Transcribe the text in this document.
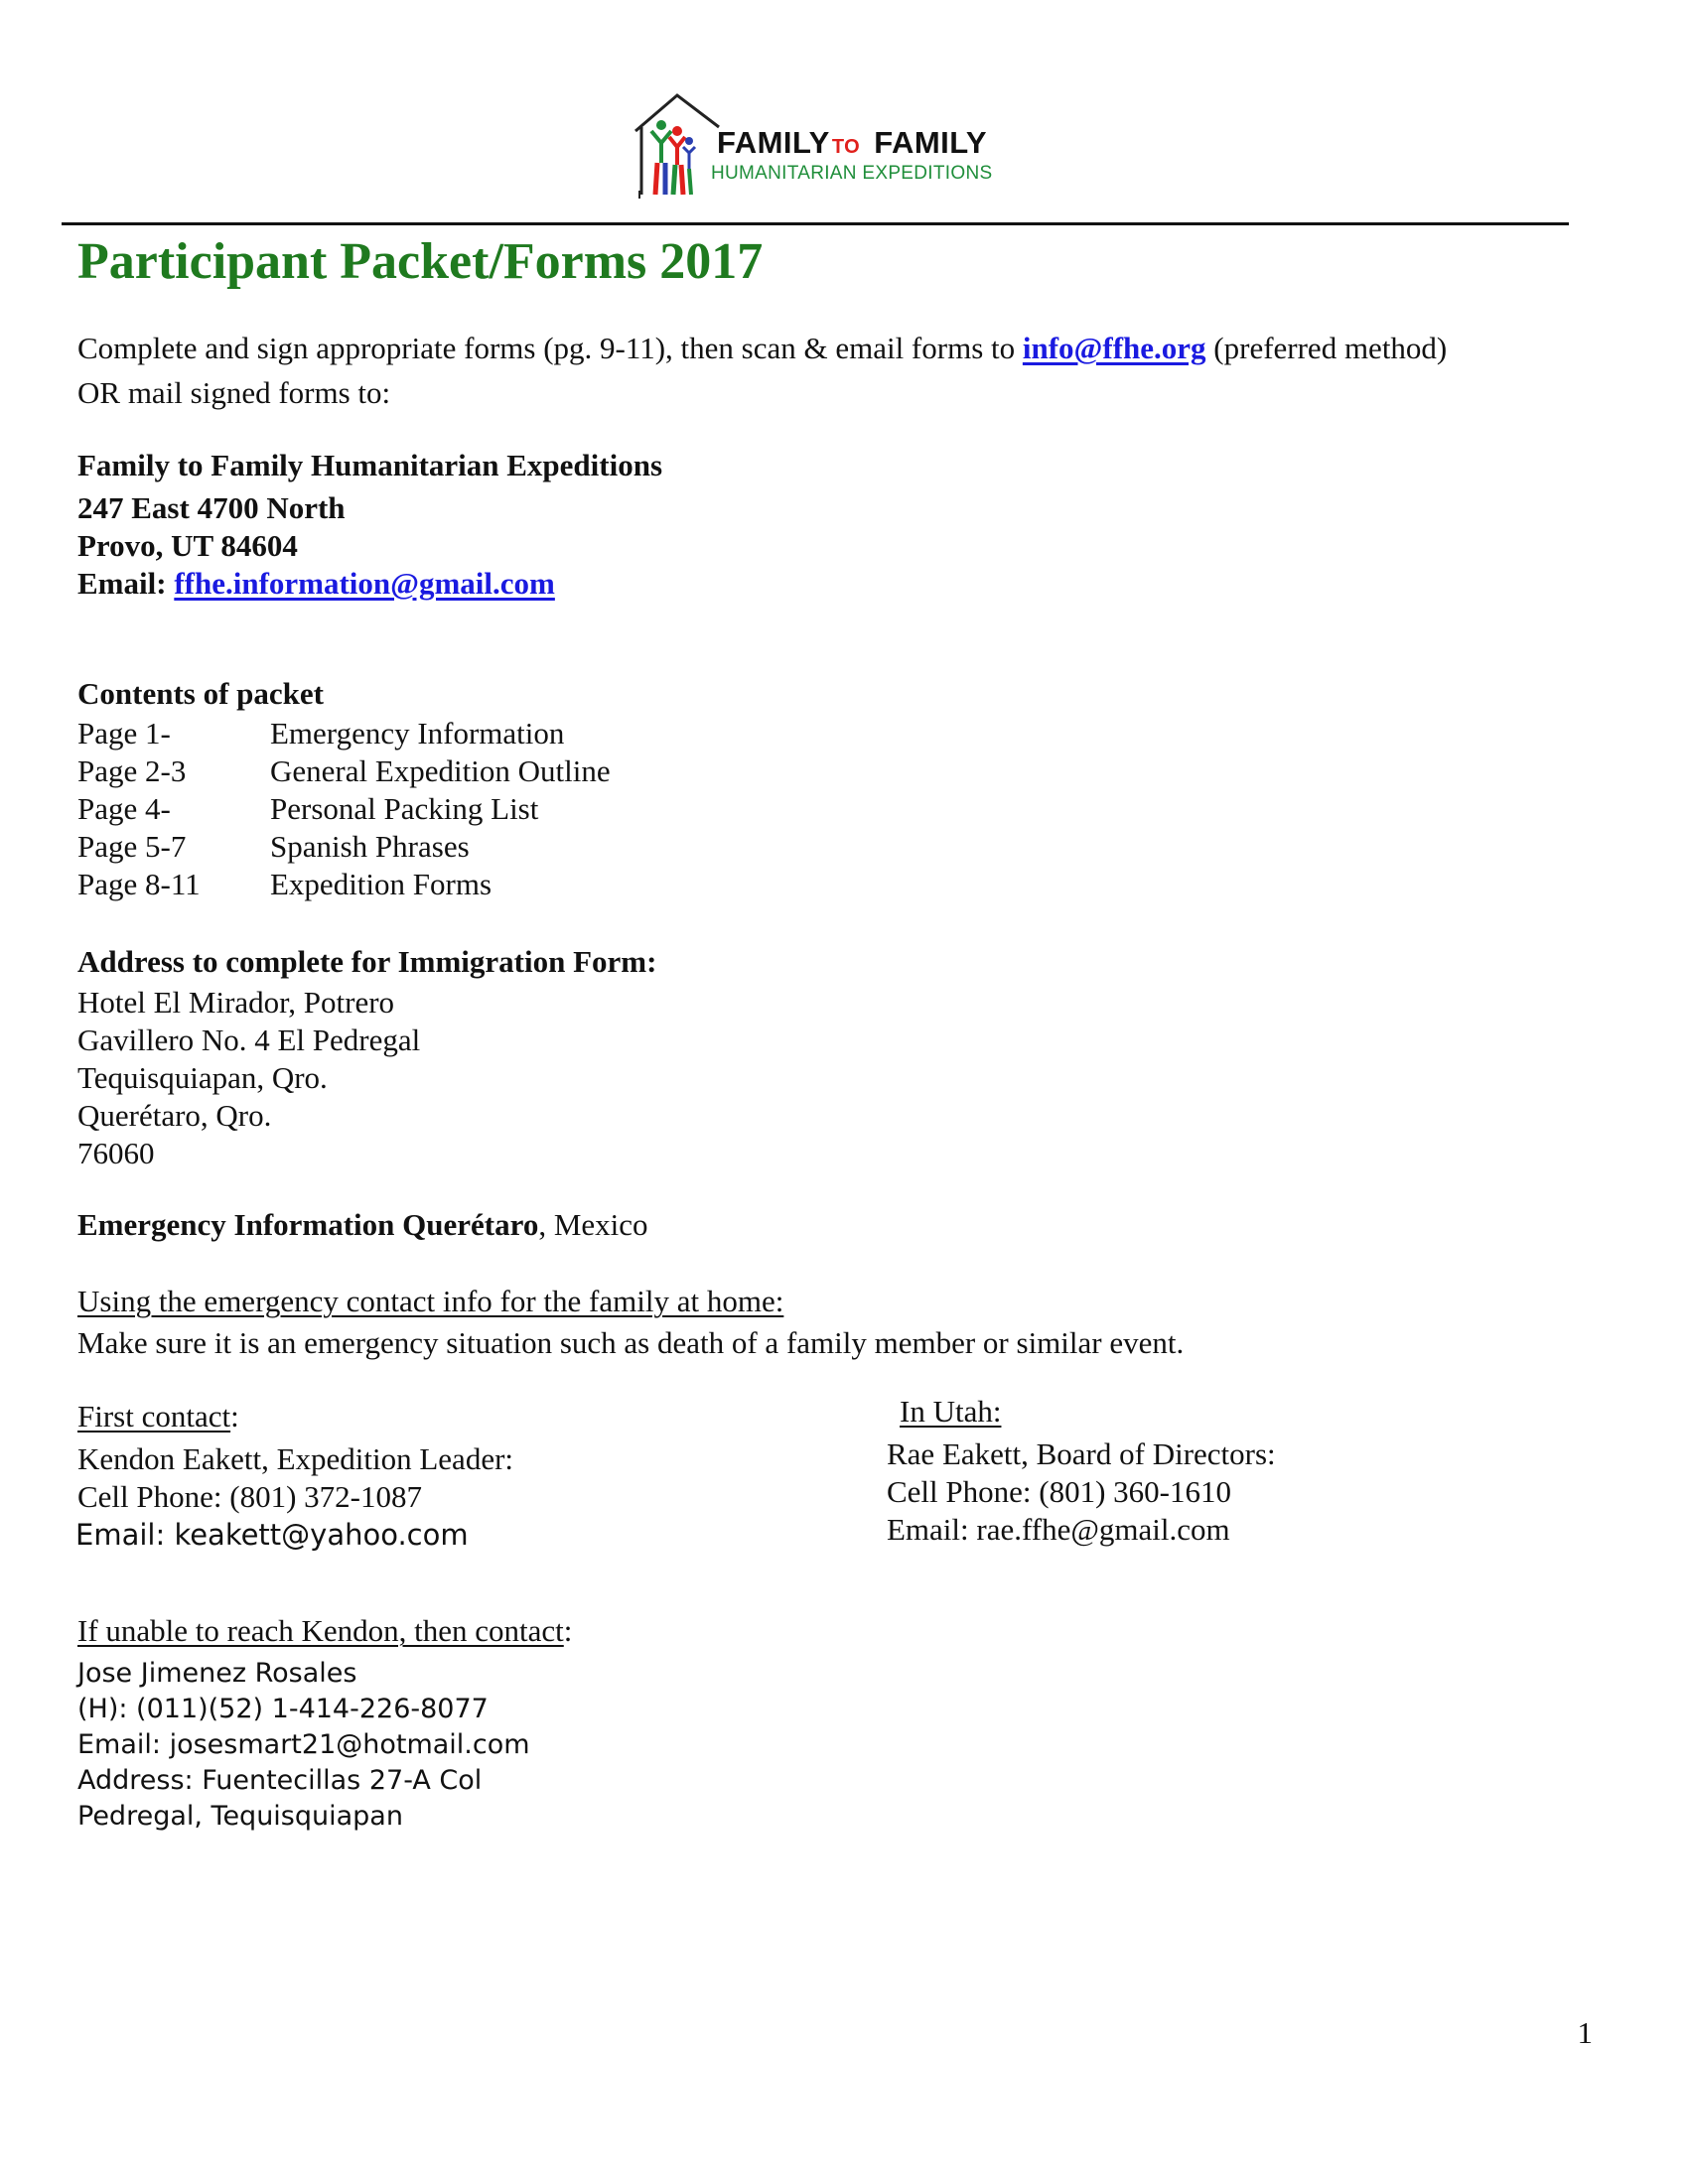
FAMILY TO FAMILY
HUMANITARIAN EXPEDITIONS
Participant Packet/Forms 2017
Complete and sign appropriate forms (pg. 9-11), then scan & email forms to info@ffhe.org (preferred method)
OR mail signed forms to:
Family to Family Humanitarian Expeditions
247 East 4700 North
Provo, UT 84604
Email: ffhe.information@gmail.com
Contents of packet
Page 1-	Emergency Information
Page 2-3	General Expedition Outline
Page 4-	Personal Packing List
Page 5-7	Spanish Phrases
Page 8-11 Expedition Forms
Address to complete for Immigration Form:
Hotel El Mirador, Potrero
Gavillero No. 4 El Pedregal
Tequisquiapan, Qro.
Querétaro, Qro.
76060
Emergency Information Querétaro, Mexico
Using the emergency contact info for the family at home:
Make sure it is an emergency situation such as death of a family member or similar event.
First contact:
Kendon Eakett, Expedition Leader:
Cell Phone: (801) 372-1087
Email: keakett@yahoo.com
In Utah:
Rae Eakett, Board of Directors:
Cell Phone: (801) 360-1610
Email: rae.ffhe@gmail.com
If unable to reach Kendon, then contact:
Jose Jimenez Rosales
(H): (011)(52) 1-414-226-8077
Email: josesmart21@hotmail.com
Address: Fuentecillas 27-A Col
Pedregal, Tequisquiapan
1
